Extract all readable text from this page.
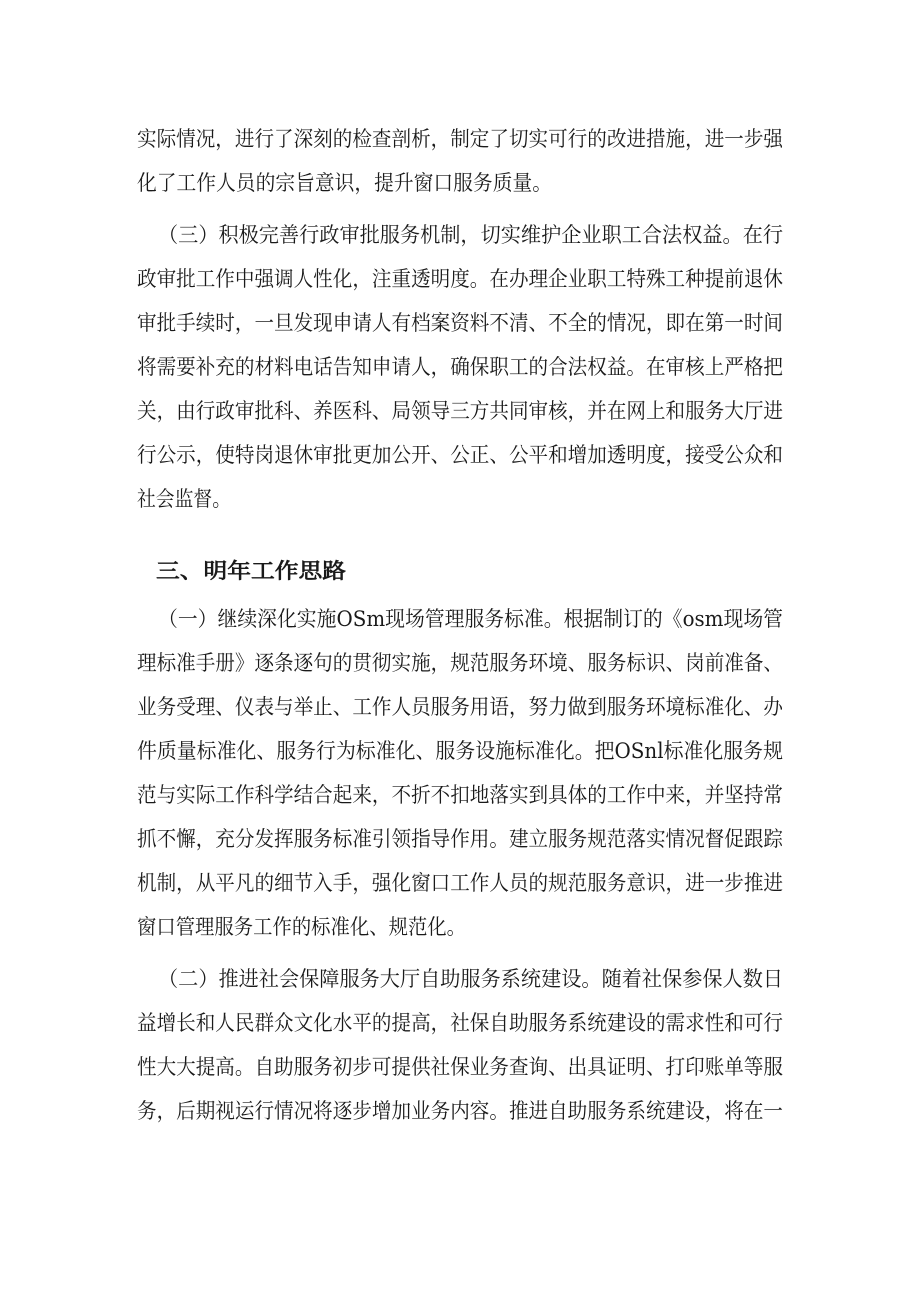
实际情况，进行了深刻的检查剖析，制定了切实可行的改进措施，进一步强
化了工作人员的宗旨意识，提升窗口服务质量。
（三）积极完善行政审批服务机制，切实维护企业职工合法权益。在行
政审批工作中强调人性化，注重透明度。在办理企业职工特殊工种提前退休
审批手续时，一旦发现申请人有档案资料不清、不全的情况，即在第一时间
将需要补充的材料电话告知申请人，确保职工的合法权益。在审核上严格把
关，由行政审批科、养医科、局领导三方共同审核，并在网上和服务大厅进
行公示，使特岗退休审批更加公开、公正、公平和增加透明度，接受公众和
社会监督。
三、明年工作思路
（一）继续深化实施OSm现场管理服务标准。根据制订的《osm现场管
理标准手册》逐条逐句的贯彻实施，规范服务环境、服务标识、岗前准备、
业务受理、仪表与举止、工作人员服务用语，努力做到服务环境标准化、办
件质量标准化、服务行为标准化、服务设施标准化。把OSnl标准化服务规
范与实际工作科学结合起来，不折不扣地落实到具体的工作中来，并坚持常
抓不懈，充分发挥服务标准引领指导作用。建立服务规范落实情况督促跟踪
机制，从平凡的细节入手，强化窗口工作人员的规范服务意识，进一步推进
窗口管理服务工作的标准化、规范化。
（二）推进社会保障服务大厅自助服务系统建设。随着社保参保人数日
益增长和人民群众文化水平的提高，社保自助服务系统建设的需求性和可行
性大大提高。自助服务初步可提供社保业务查询、出具证明、打印账单等服
务，后期视运行情况将逐步增加业务内容。推进自助服务系统建设，将在一
